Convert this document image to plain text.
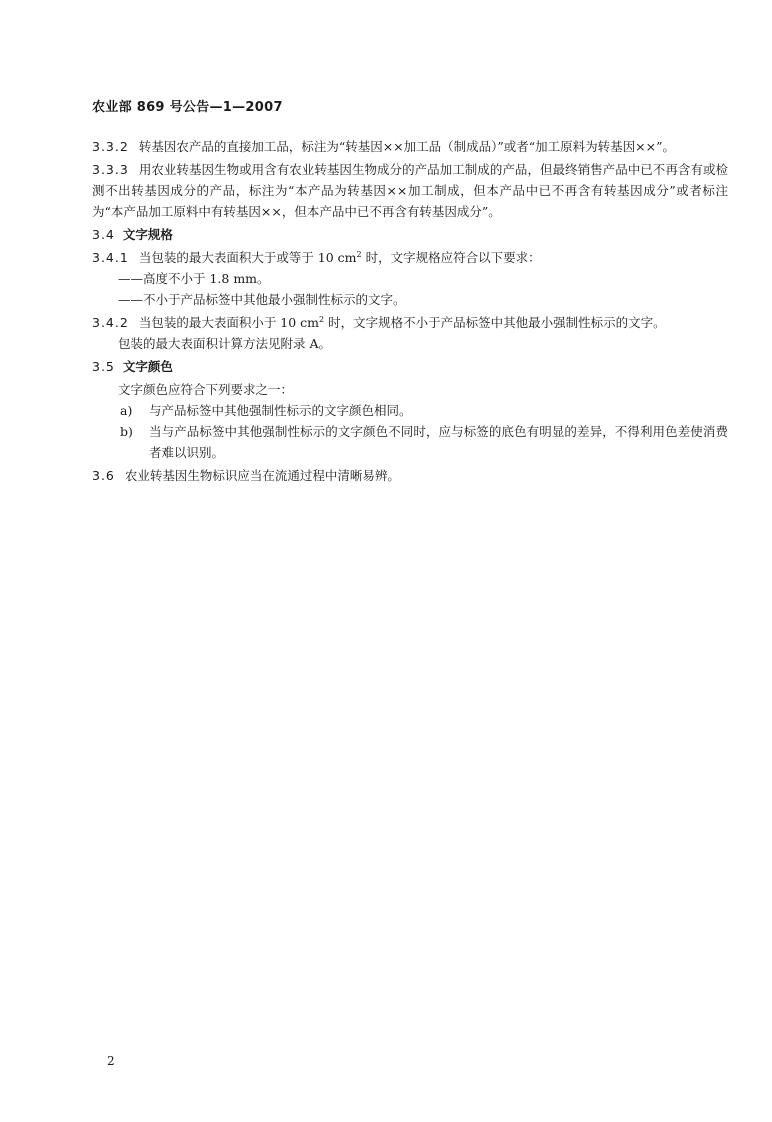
农业部 869 号公告—1—2007

3.3.2 转基因农产品的直接加工品，标注为“转基因××加工品（制成品）”或者“加工原料为转基因××”。

3.3.3 用农业转基因生物或用含有农业转基因生物成分的产品加工制成的产品，但最终销售产品中已不再含有或检测不出转基因成分的产品，标注为“本产品为转基因××加工制成，但本产品中已不再含有转基因成分”或者标注为“本产品加工原料中有转基因××，但本产品中已不再含有转基因成分”。

3.4 文字规格

3.4.1 当包装的最大表面积大于或等于 10 $cm^2$ 时，文字规格应符合以下要求：

——高度不小于 1.8 mm。

——不小于产品标签中其他最小强制性标示的文字。

3.4.2 当包装的最大表面积小于 10 $cm^2$ 时，文字规格不小于产品标签中其他最小强制性标示的文字。

包装的最大表面积计算方法见附录 A。

3.5 文字颜色

文字颜色应符合下列要求之一：

a) 与产品标签中其他强制性标示的文字颜色相同。
b) 当与产品标签中其他强制性标示的文字颜色不同时，应与标签的底色有明显的差异，不得利用色差使消费者难以识别。

3.6 农业转基因生物标识应当在流通过程中清晰易辨。

2
